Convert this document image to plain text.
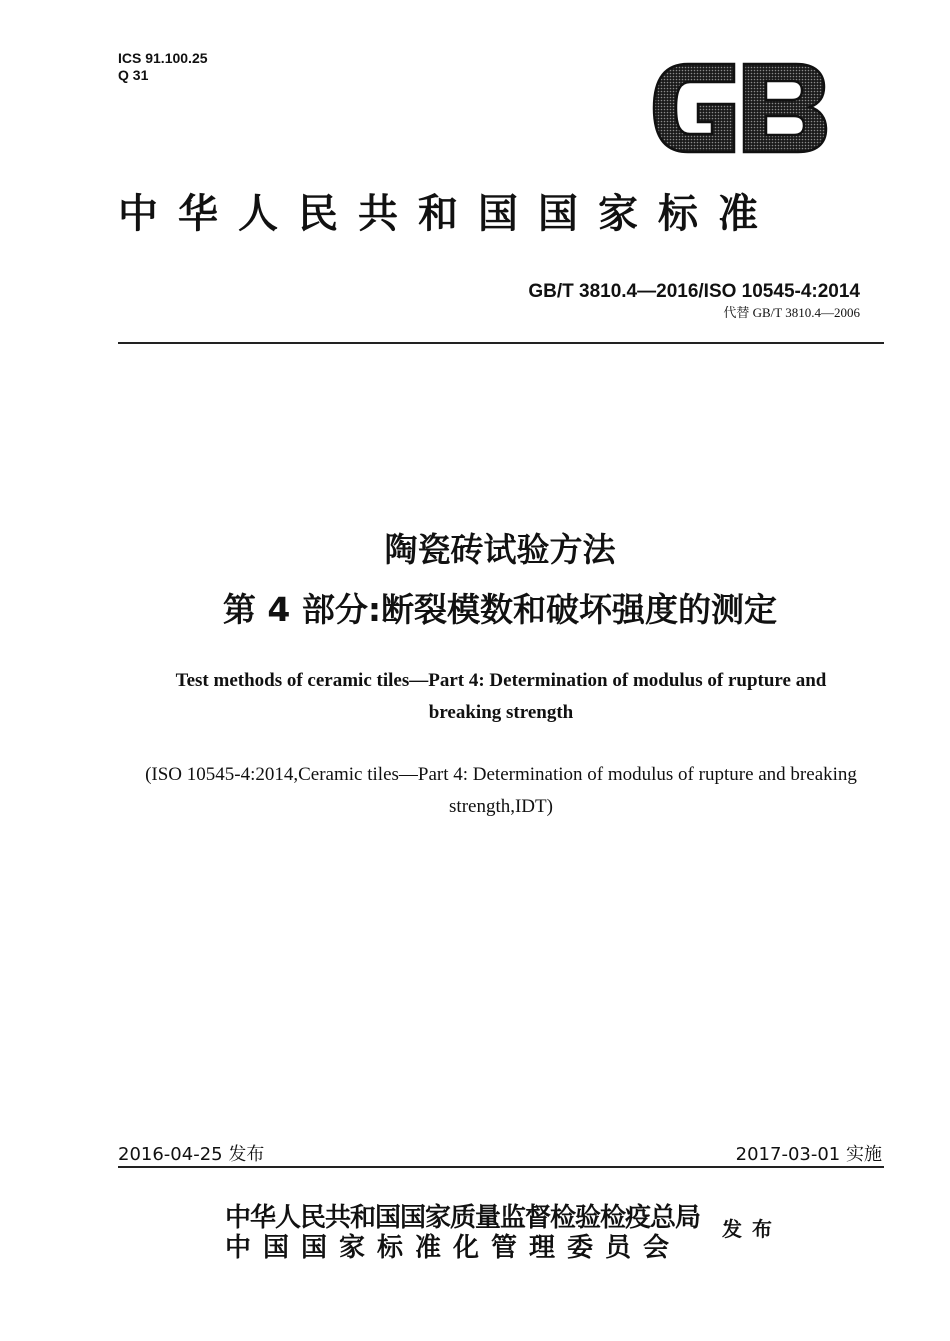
ICS 91.100.25
Q 31
GB
中华人民共和国国家标准
GB/T 3810.4—2016/ISO 10545-4:2014
代替 GB/T 3810.4—2006
陶瓷砖试验方法
第 4 部分:断裂模数和破坏强度的测定
Test methods of ceramic tiles—Part 4: Determination of modulus of rupture and breaking strength
(ISO 10545-4:2014,Ceramic tiles—Part 4: Determination of modulus of rupture and breaking strength,IDT)
2016-04-25 发布	2017-03-01 实施
中华人民共和国国家质量监督检验检疫总局
中国国家标准化管理委员会
发布
